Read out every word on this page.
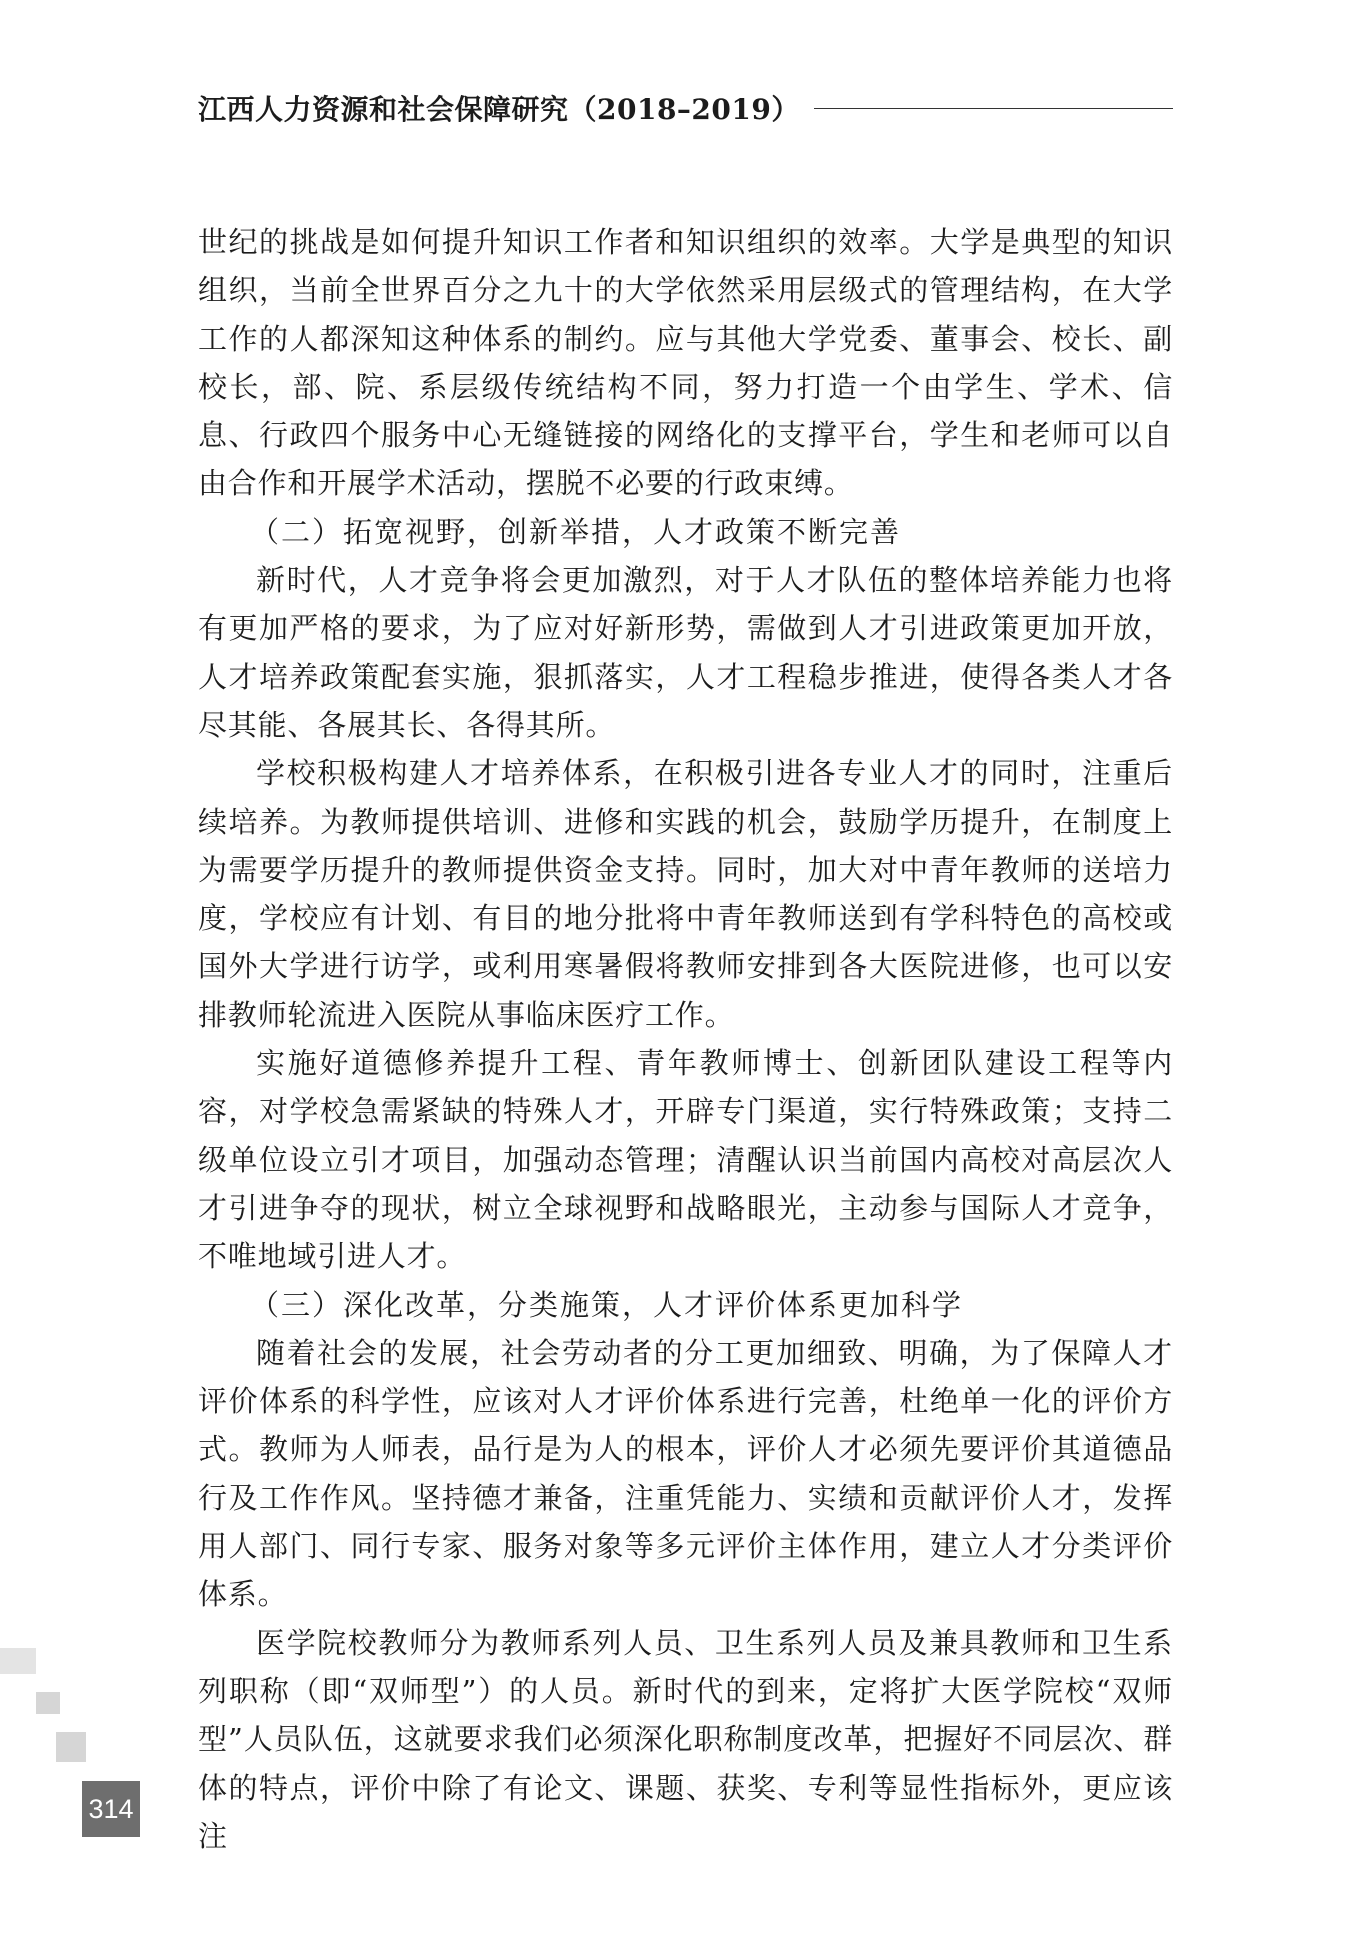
江西人力资源和社会保障研究（2018–2019）

世纪的挑战是如何提升知识工作者和知识组织的效率。大学是典型的知识组织，当前全世界百分之九十的大学依然采用层级式的管理结构，在大学工作的人都深知这种体系的制约。应与其他大学党委、董事会、校长、副校长，部、院、系层级传统结构不同，努力打造一个由学生、学术、信息、行政四个服务中心无缝链接的网络化的支撑平台，学生和老师可以自由合作和开展学术活动，摆脱不必要的行政束缚。

（二）拓宽视野，创新举措，人才政策不断完善

新时代，人才竞争将会更加激烈，对于人才队伍的整体培养能力也将有更加严格的要求，为了应对好新形势，需做到人才引进政策更加开放，人才培养政策配套实施，狠抓落实，人才工程稳步推进，使得各类人才各尽其能、各展其长、各得其所。

学校积极构建人才培养体系，在积极引进各专业人才的同时，注重后续培养。为教师提供培训、进修和实践的机会，鼓励学历提升，在制度上为需要学历提升的教师提供资金支持。同时，加大对中青年教师的送培力度，学校应有计划、有目的地分批将中青年教师送到有学科特色的高校或国外大学进行访学，或利用寒暑假将教师安排到各大医院进修，也可以安排教师轮流进入医院从事临床医疗工作。

实施好道德修养提升工程、青年教师博士、创新团队建设工程等内容，对学校急需紧缺的特殊人才，开辟专门渠道，实行特殊政策；支持二级单位设立引才项目，加强动态管理；清醒认识当前国内高校对高层次人才引进争夺的现状，树立全球视野和战略眼光，主动参与国际人才竞争，不唯地域引进人才。

（三）深化改革，分类施策，人才评价体系更加科学

随着社会的发展，社会劳动者的分工更加细致、明确，为了保障人才评价体系的科学性，应该对人才评价体系进行完善，杜绝单一化的评价方式。教师为人师表，品行是为人的根本，评价人才必须先要评价其道德品行及工作作风。坚持德才兼备，注重凭能力、实绩和贡献评价人才，发挥用人部门、同行专家、服务对象等多元评价主体作用，建立人才分类评价体系。

医学院校教师分为教师系列人员、卫生系列人员及兼具教师和卫生系列职称（即“双师型”）的人员。新时代的到来，定将扩大医学院校“双师型”人员队伍，这就要求我们必须深化职称制度改革，把握好不同层次、群体的特点，评价中除了有论文、课题、获奖、专利等显性指标外，更应该注

314
